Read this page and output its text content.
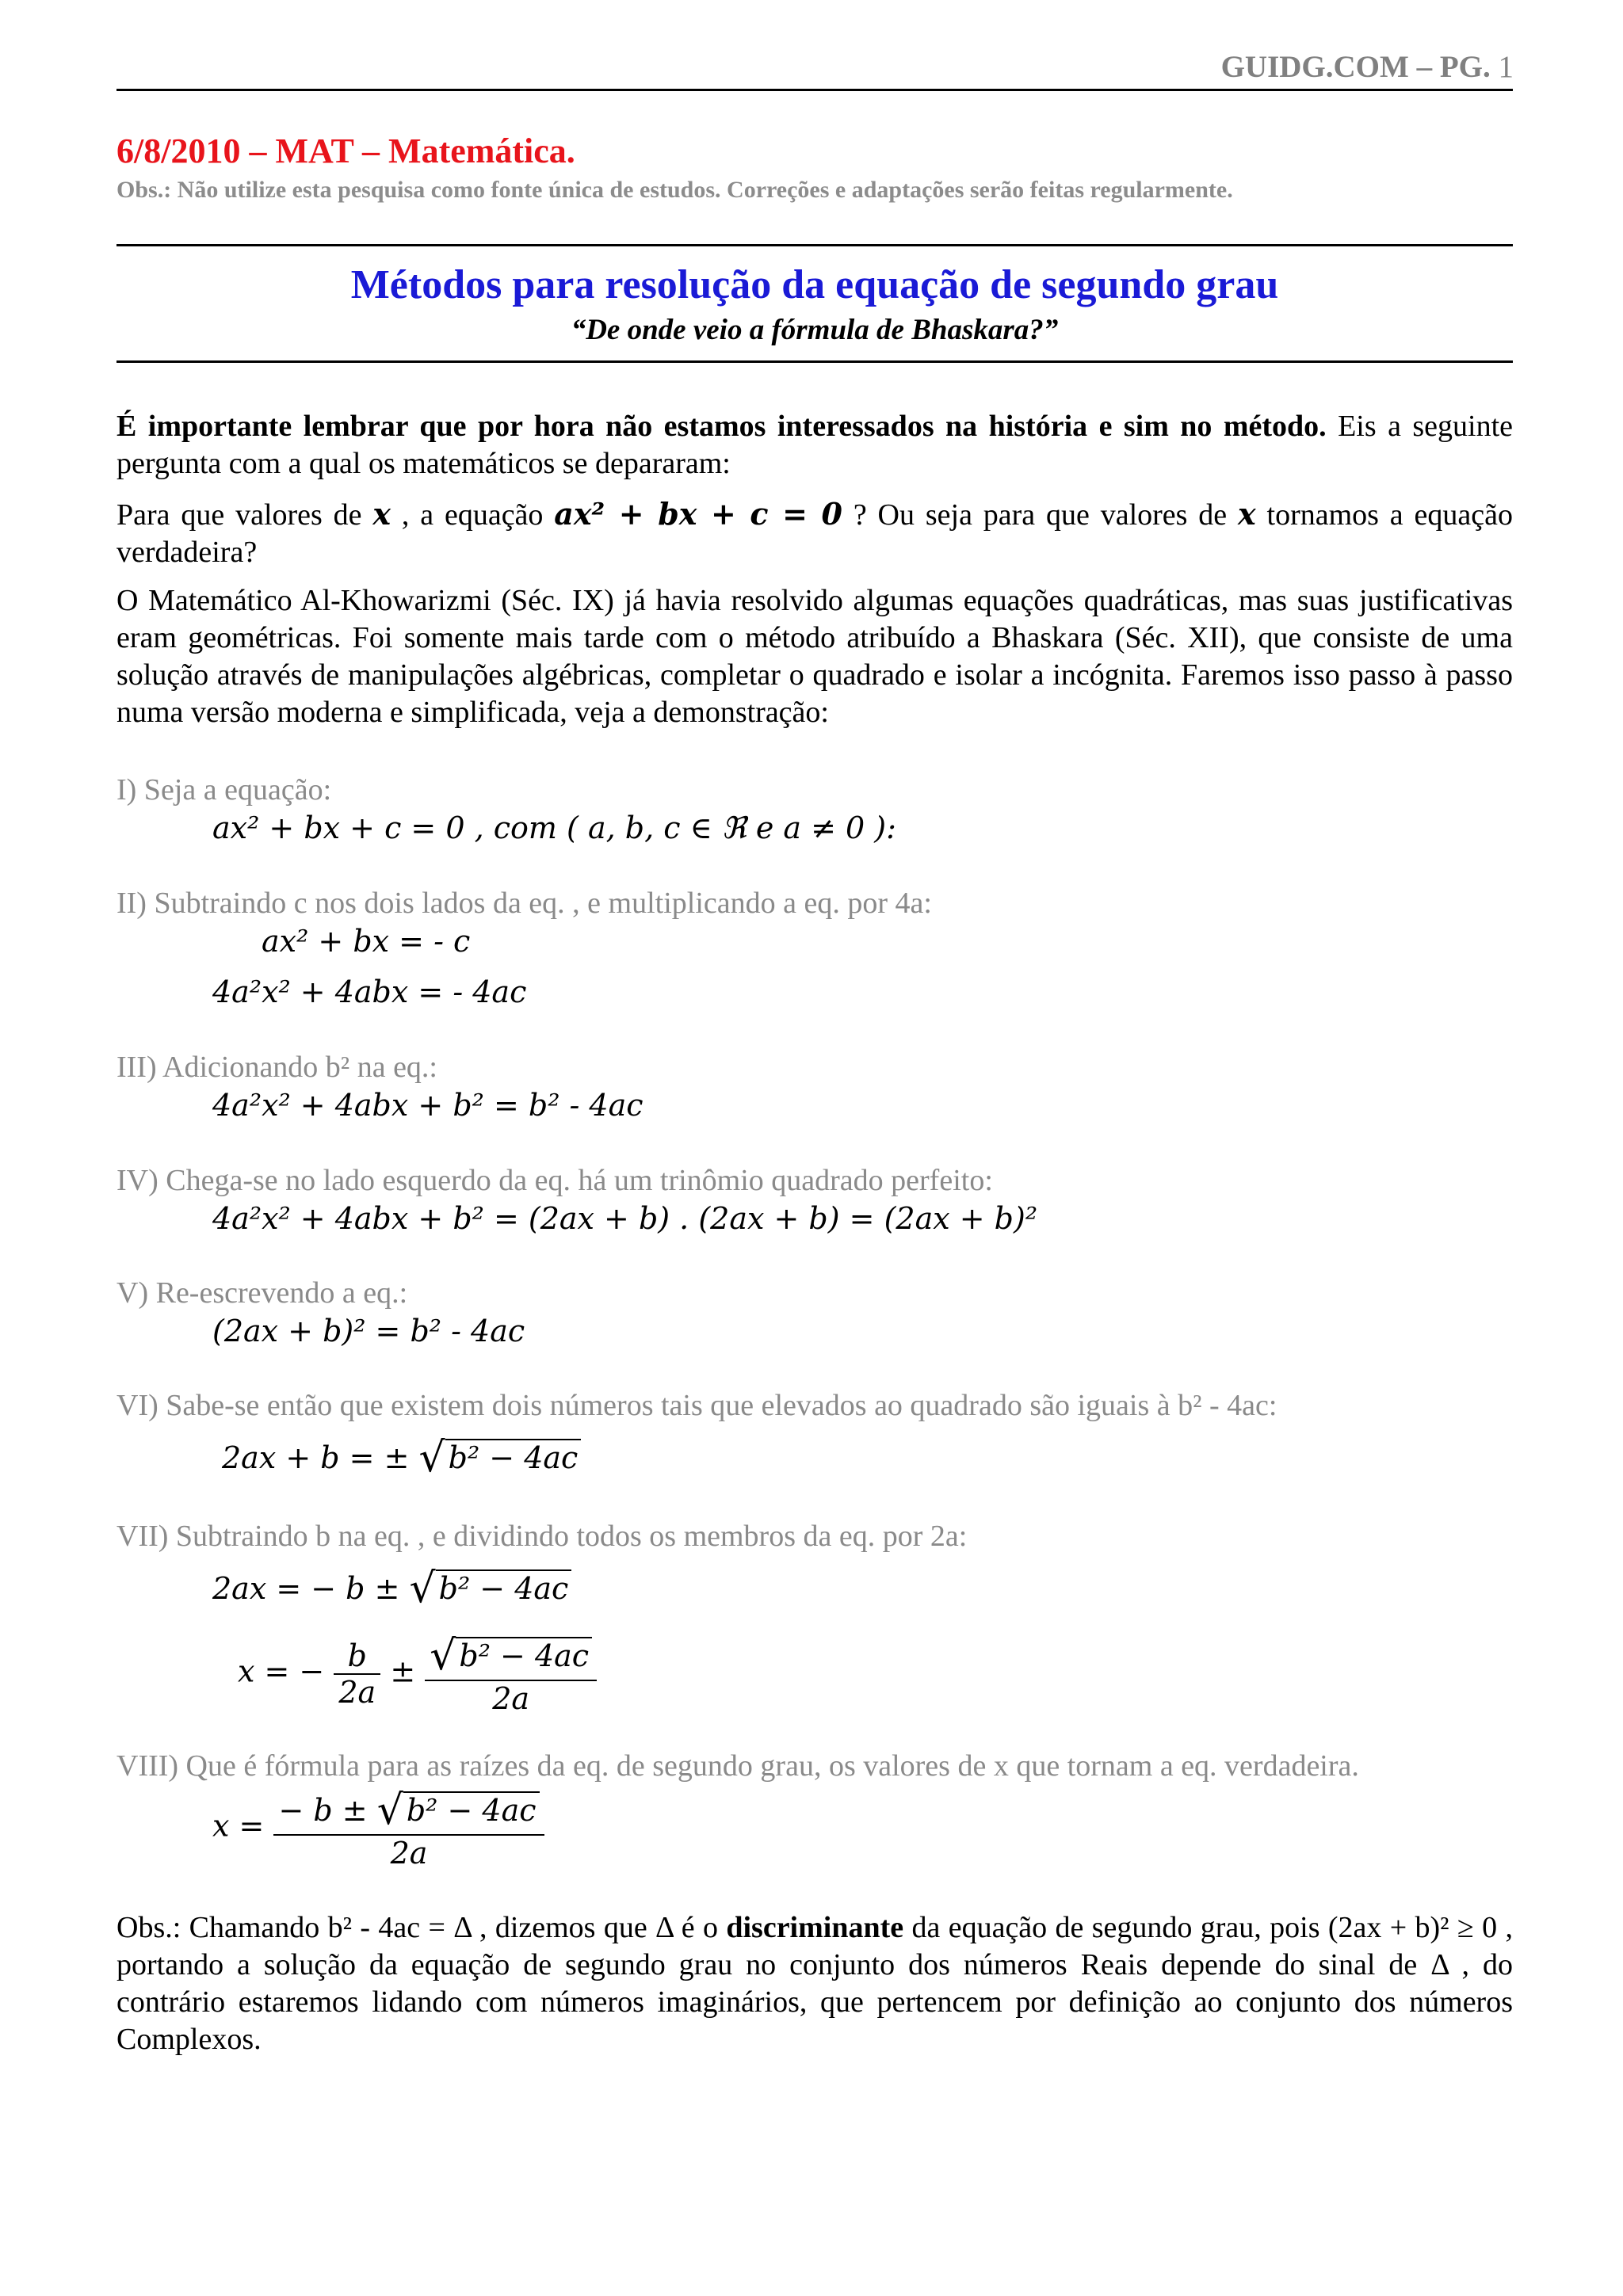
GUIDG.COM – PG. 1
6/8/2010 – MAT – Matemática.
Obs.: Não utilize esta pesquisa como fonte única de estudos. Correções e adaptações serão feitas regularmente.
Métodos para resolução da equação de segundo grau
“De onde veio a fórmula de Bhaskara?”
É importante lembrar que por hora não estamos interessados na história e sim no método. Eis a seguinte pergunta com a qual os matemáticos se depararam:
Para que valores de x , a equação ax² + bx + c = 0 ? Ou seja para que valores de x tornamos a equação verdadeira?
O Matemático Al-Khowarizmi (Séc. IX) já havia resolvido algumas equações quadráticas, mas suas justificativas eram geométricas. Foi somente mais tarde com o método atribuído a Bhaskara (Séc. XII), que consiste de uma solução através de manipulações algébricas, completar o quadrado e isolar a incógnita. Faremos isso passo à passo numa versão moderna e simplificada, veja a demonstração:
I) Seja a equação:
ax² + bx + c = 0 , com ( a, b, c ∈ ℜ e a ≠ 0 ):
II) Subtraindo c nos dois lados da eq. , e multiplicando a eq. por 4a:
ax² + bx = - c
4a²x² + 4abx = - 4ac
III) Adicionando b² na eq.:
4a²x² + 4abx + b² = b² - 4ac
IV) Chega-se no lado esquerdo da eq. há um trinômio quadrado perfeito:
4a²x² + 4abx + b² = (2ax + b) . (2ax + b) = (2ax + b)²
V) Re-escrevendo a eq.:
(2ax + b)² = b² - 4ac
VI) Sabe-se então que existem dois números tais que elevados ao quadrado são iguais à b² - 4ac:
2ax + b = ± √ b² − 4ac
VII) Subtraindo b na eq. , e dividindo todos os membros da eq. por 2a:
2ax = − b ± √ b² − 4ac
x = − $\frac{b}{2a} \pm \frac{\text{√ b² − 4ac}}{2a}$
VIII) Que é fórmula para as raízes da eq. de segundo grau, os valores de x que tornam a eq. verdadeira.
$x = \frac{\text{− b ± √ b² − 4ac}}{2a}$
Obs.: Chamando b² - 4ac = Δ , dizemos que Δ é o discriminante da equação de segundo grau, pois (2ax + b)² ≥ 0 , portando a solução da equação de segundo grau no conjunto dos números Reais depende do sinal de Δ , do contrário estaremos lidando com números imaginários, que pertencem por definição ao conjunto dos números Complexos.
